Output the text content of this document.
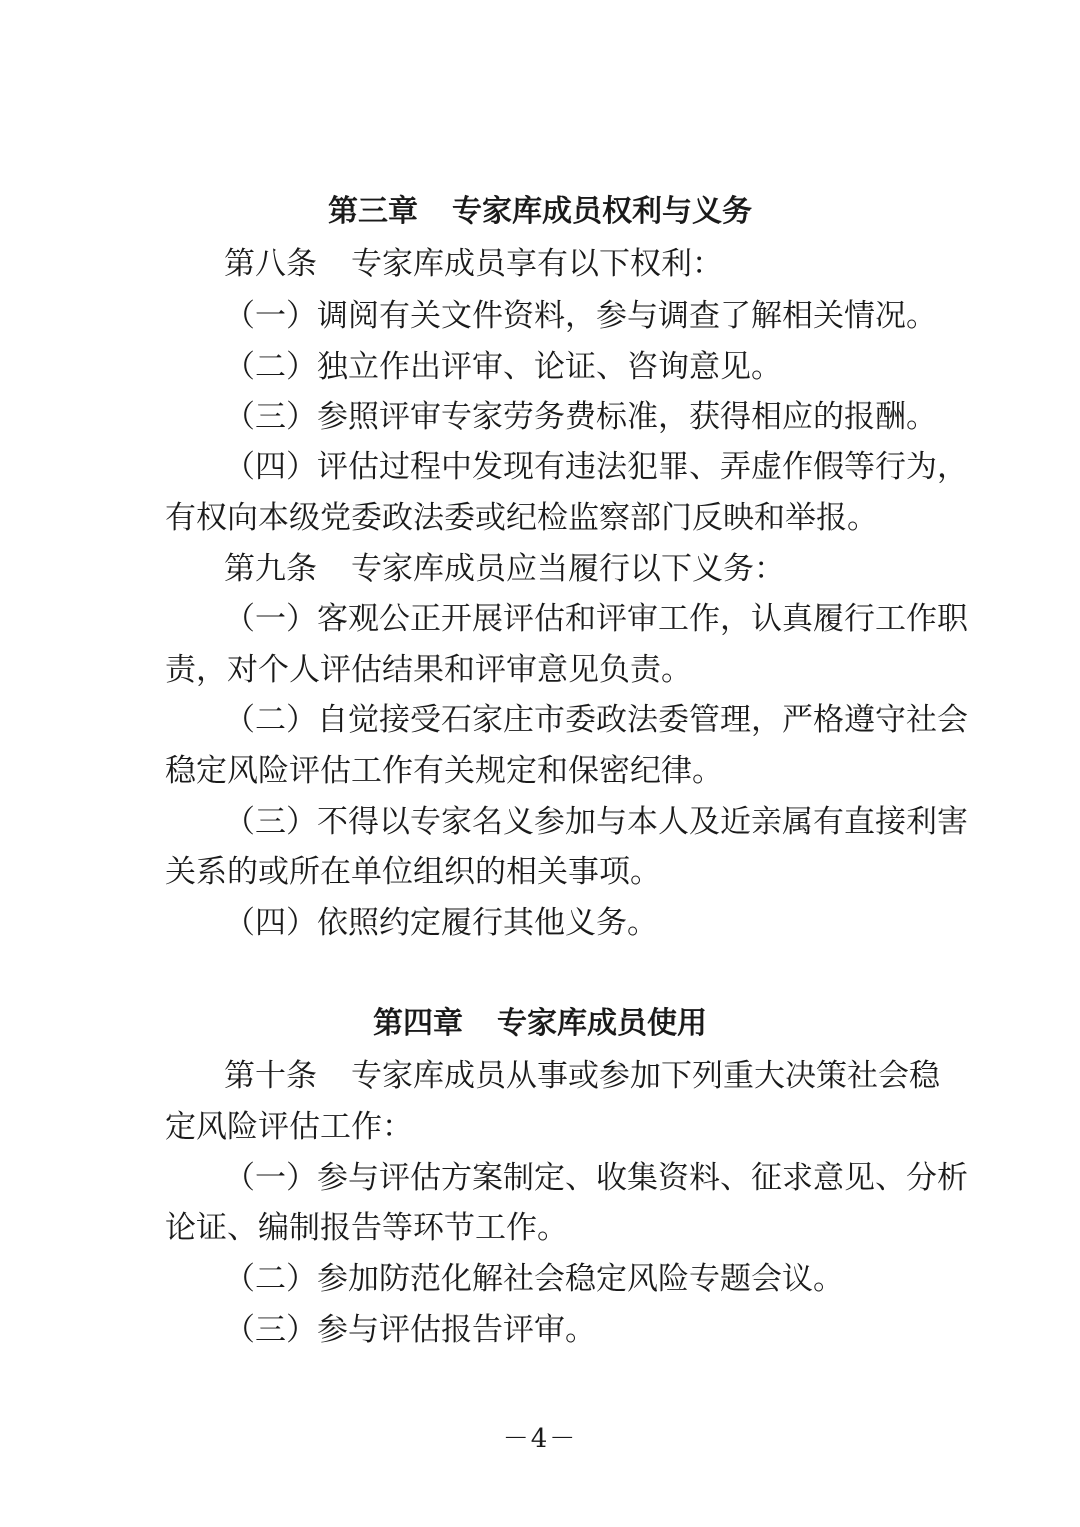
第三章 专家库成员权利与义务
第八条 专家库成员享有以下权利：
（一）调阅有关文件资料，参与调查了解相关情况。
（二）独立作出评审、论证、咨询意见。
（三）参照评审专家劳务费标准，获得相应的报酬。
（四）评估过程中发现有违法犯罪、弄虚作假等行为，
有权向本级党委政法委或纪检监察部门反映和举报。
第九条 专家库成员应当履行以下义务：
（一）客观公正开展评估和评审工作，认真履行工作职
责，对个人评估结果和评审意见负责。
（二）自觉接受石家庄市委政法委管理，严格遵守社会
稳定风险评估工作有关规定和保密纪律。
（三）不得以专家名义参加与本人及近亲属有直接利害
关系的或所在单位组织的相关事项。
（四）依照约定履行其他义务。
第四章 专家库成员使用
第十条 专家库成员从事或参加下列重大决策社会稳
定风险评估工作：
（一）参与评估方案制定、收集资料、征求意见、分析
论证、编制报告等环节工作。
（二）参加防范化解社会稳定风险专题会议。
（三）参与评估报告评审。
－4－
